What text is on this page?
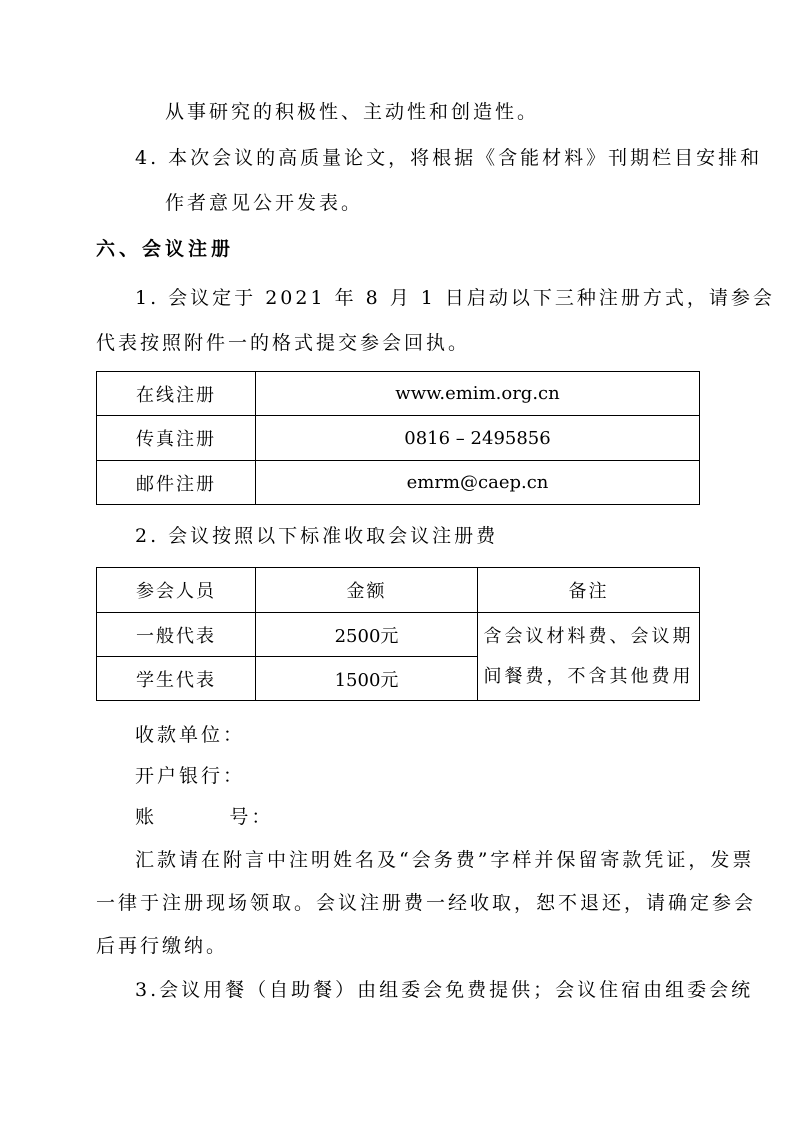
从事研究的积极性、主动性和创造性。
4. 本次会议的高质量论文，将根据《含能材料》刊期栏目安排和
作者意见公开发表。
六、会议注册
1. 会议定于 2021 年 8 月 1 日启动以下三种注册方式，请参会
代表按照附件一的格式提交参会回执。
在线注册	www.emim.org.cn
传真注册	0816 – 2495856
邮件注册	emrm@caep.cn
2. 会议按照以下标准收取会议注册费
参会人员	金额	备注
一般代表	2500元	含会议材料费、会议期
间餐费，不含其他费用

学生代表	1500元	
收款单位：
开户银行：
账        号：
汇款请在附言中注明姓名及“会务费”字样并保留寄款凭证，发票
一律于注册现场领取。会议注册费一经收取，恕不退还，请确定参会
后再行缴纳。
3.会议用餐（自助餐）由组委会免费提供；会议住宿由组委会统
